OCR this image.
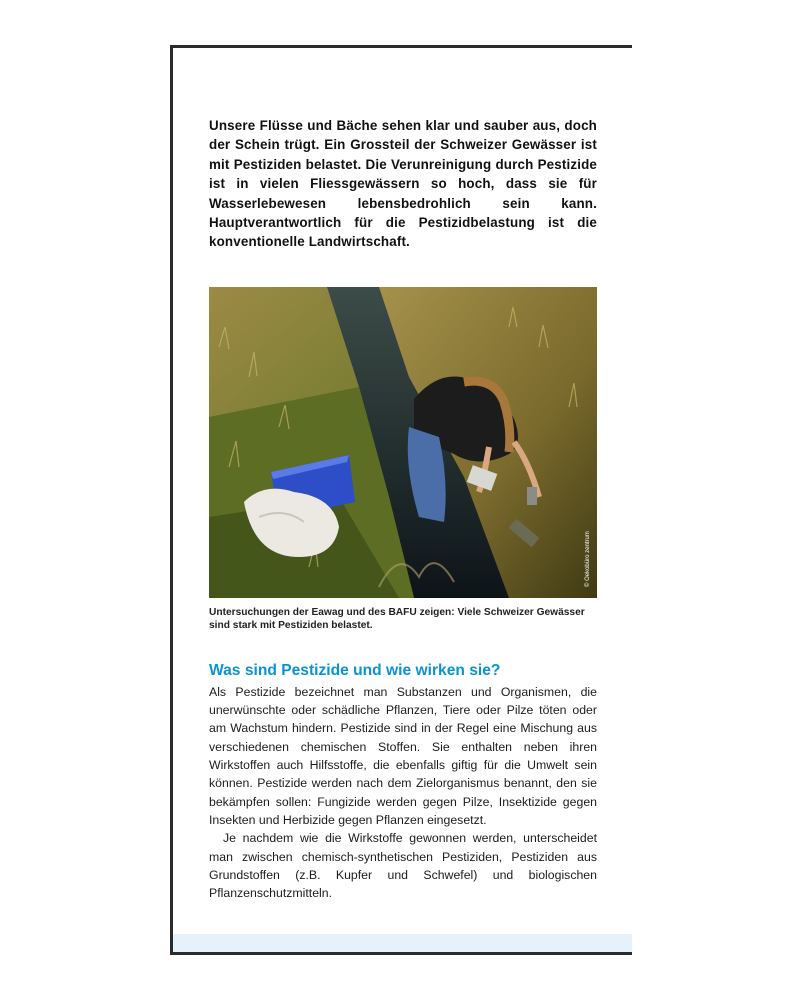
Unsere Flüsse und Bäche sehen klar und sauber aus, doch der Schein trügt. Ein Grossteil der Schweizer Gewässer ist mit Pestiziden belastet. Die Verunreinigung durch Pestizide ist in vielen Fliessgewässern so hoch, dass sie für Wasserlebewesen lebensbedrohlich sein kann. Hauptverantwortlich für die Pestizidbelastung ist die konventionelle Landwirtschaft.

© Oekobüro zentrum

Untersuchungen der Eawag und des BAFU zeigen: Viele Schweizer Gewässer sind stark mit Pestiziden belastet.

Was sind Pestizide und wie wirken sie?

Als Pestizide bezeichnet man Substanzen und Organismen, die unerwünschte oder schädliche Pflanzen, Tiere oder Pilze töten oder am Wachstum hindern. Pestizide sind in der Regel eine Mischung aus verschiedenen chemischen Stoffen. Sie enthalten neben ihren Wirkstoffen auch Hilfsstoffe, die ebenfalls giftig für die Umwelt sein können. Pestizide werden nach dem Zielorganismus benannt, den sie bekämpfen sollen: Fungizide werden gegen Pilze, Insektizide gegen Insekten und Herbizide gegen Pflanzen eingesetzt.

Je nachdem wie die Wirkstoffe gewonnen werden, unterscheidet man zwischen chemisch-synthetischen Pestiziden, Pestiziden aus Grundstoffen (z.B. Kupfer und Schwefel) und biologischen Pflanzenschutzmitteln.
